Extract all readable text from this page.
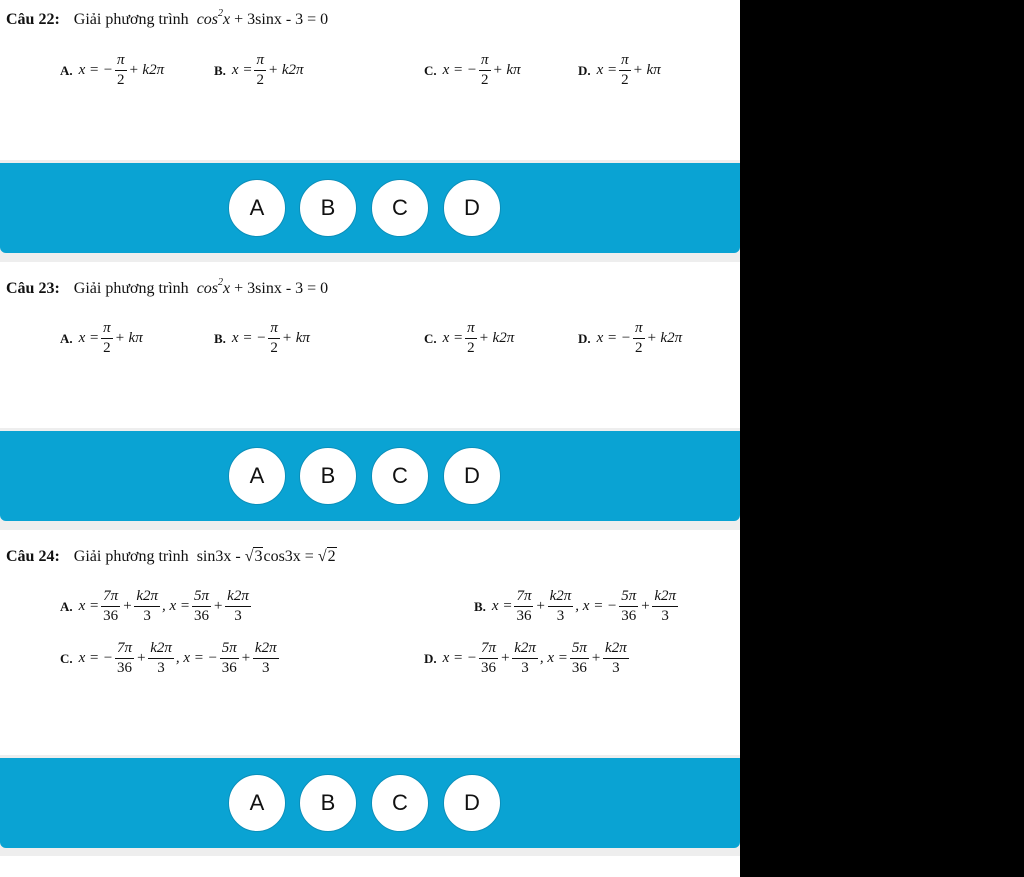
Câu 22: Giải phương trình  cos 2 x + 3 sinx - 3 = 0
A. x = − $\frac{\pi}{2} + k2\pi$	B. $x = \frac{\pi}{2} + k2\pi$	C. x = − $\frac{\pi}{2} + k\pi$	D. $x = \frac{\pi}{2} + k\pi$
A	B	C	D
Câu 23: Giải phương trình  cos 2 x + 3 sinx - 3 = 0
A. $x = \frac{\pi}{2} + k\pi$	B. x = − $\frac{\pi}{2} + k\pi$	C. $x = \frac{\pi}{2} + k2\pi$	D. x = − $\frac{\pi}{2} + k2\pi$
A	B	C	D
Câu 24: Giải phương trình  sin3x - √3cos3x = √2
A. $x = \frac{7\pi}{36} + \frac{k2\pi}{3}$ , $x = \frac{5\pi}{36} + \frac{k2\pi}{3}$	B. $x = \frac{7\pi}{36} + \frac{k2\pi}{3}$ , x = − $\frac{5\pi}{36} + \frac{k2\pi}{3}$
C. x = − $\frac{7\pi}{36} + \frac{k2\pi}{3}$ , x = − $\frac{5\pi}{36} + \frac{k2\pi}{3}$	D. x = − $\frac{7\pi}{36} + \frac{k2\pi}{3}$ , $x = \frac{5\pi}{36} + \frac{k2\pi}{3}$
A	B	C	D
